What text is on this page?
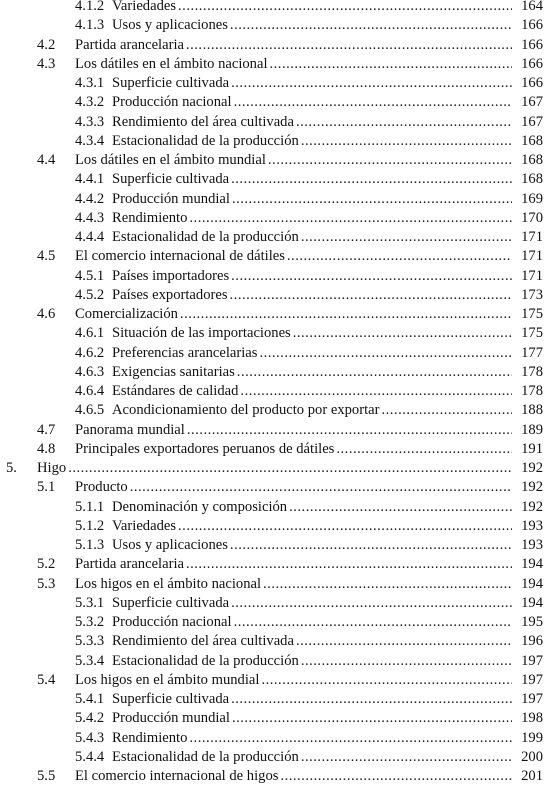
4.1.2 Variedades .....	164
4.1.3 Usos y aplicaciones .....	166
4.2 Partida arancelaria .....	166
4.3 Los dátiles en el ámbito nacional .....	166
4.3.1 Superficie cultivada .....	166
4.3.2 Producción nacional .....	167
4.3.3 Rendimiento del área cultivada .....	167
4.3.4 Estacionalidad de la producción .....	168
4.4 Los dátiles en el ámbito mundial .....	168
4.4.1 Superficie cultivada .....	168
4.4.2 Producción mundial .....	169
4.4.3 Rendimiento .....	170
4.4.4 Estacionalidad de la producción .....	171
4.5 El comercio internacional de dátiles .....	171
4.5.1 Países importadores .....	171
4.5.2 Países exportadores .....	173
4.6 Comercialización .....	175
4.6.1 Situación de las importaciones .....	175
4.6.2 Preferencias arancelarias .....	177
4.6.3 Exigencias sanitarias .....	178
4.6.4 Estándares de calidad .....	178
4.6.5 Acondicionamiento del producto por exportar .....	188
4.7 Panorama mundial .....	189
4.8 Principales exportadores peruanos de dátiles .....	191
5. Higo .....	192
5.1 Producto .....	192
5.1.1 Denominación y composición .....	192
5.1.2 Variedades .....	193
5.1.3 Usos y aplicaciones .....	193
5.2 Partida arancelaria .....	194
5.3 Los higos en el ámbito nacional .....	194
5.3.1 Superficie cultivada .....	194
5.3.2 Producción nacional .....	195
5.3.3 Rendimiento del área cultivada .....	196
5.3.4 Estacionalidad de la producción .....	197
5.4 Los higos en el ámbito mundial .....	197
5.4.1 Superficie cultivada .....	197
5.4.2 Producción mundial .....	198
5.4.3 Rendimiento .....	199
5.4.4 Estacionalidad de la producción .....	200
5.5 El comercio internacional de higos .....	201
